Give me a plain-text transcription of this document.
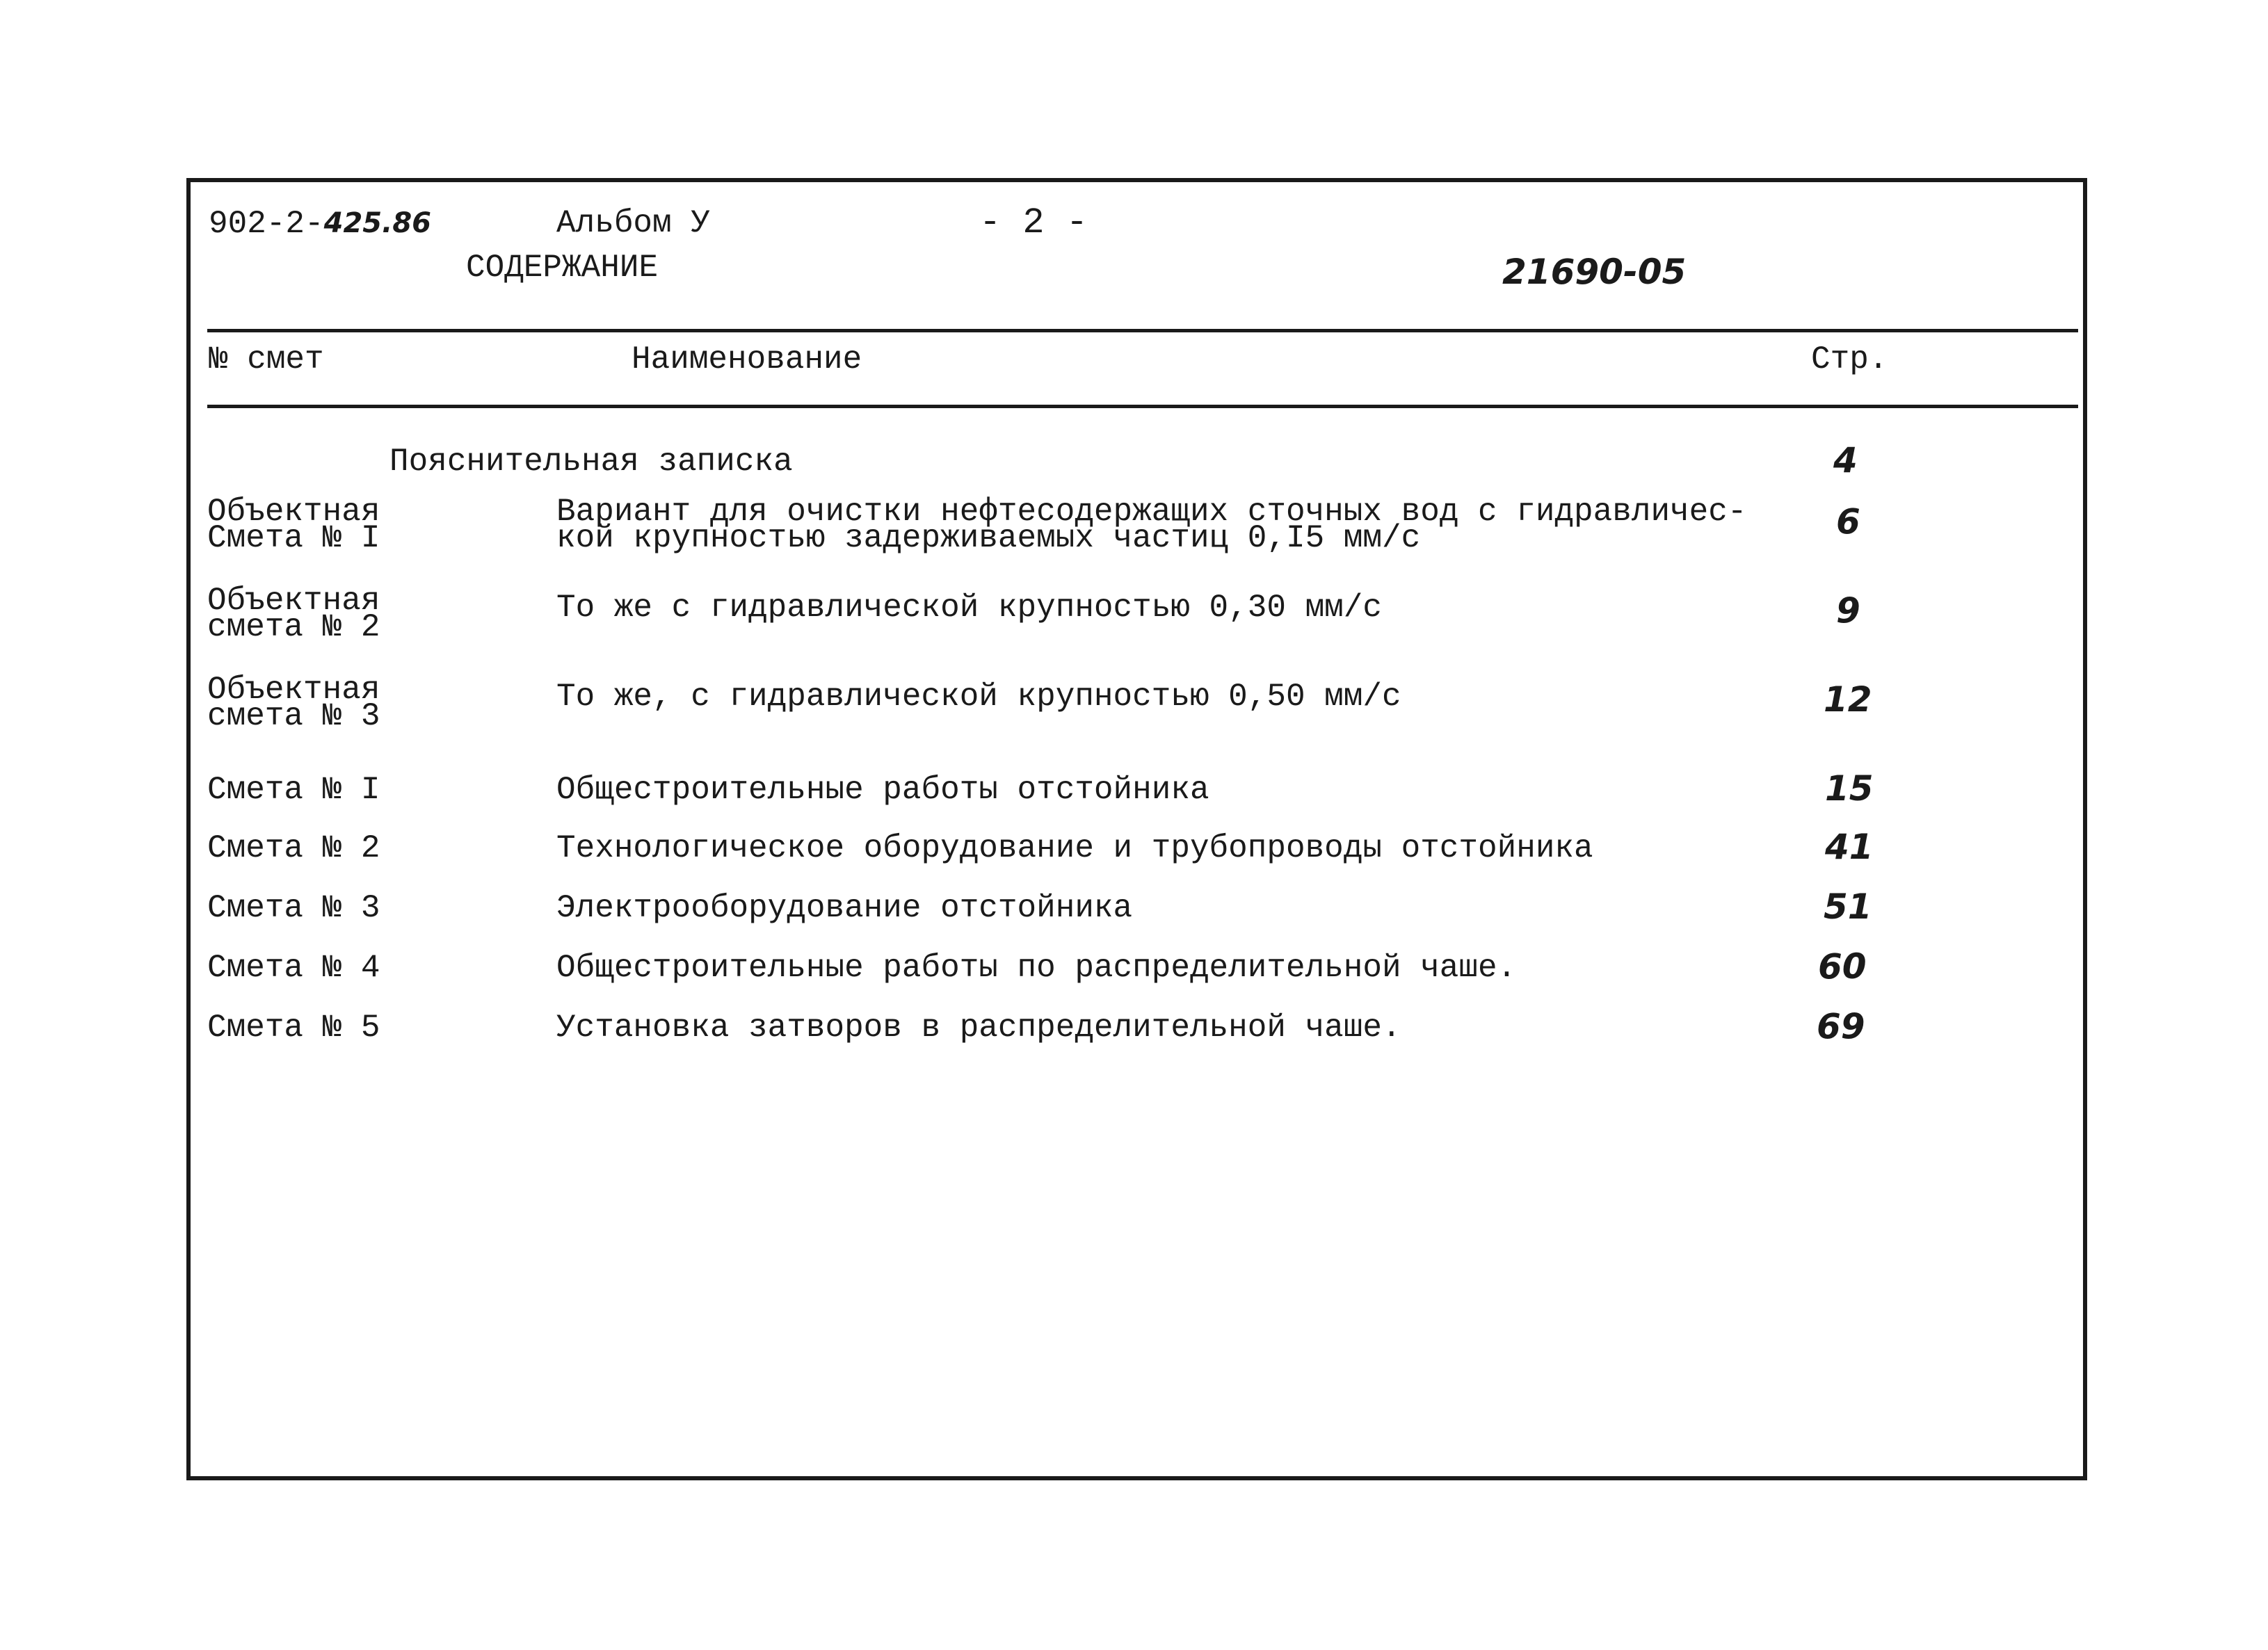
902-2-425.86	Альбом У	- 2 -
СОДЕРЖАНИЕ	21690-05
№ смет	Наименование	Стр.
Пояснительная записка	4
Объектная
Смета № I
Вариант для очистки нефтесодержащих сточных вод с гидравличес-
кой крупностью задерживаемых частиц 0,I5 мм/с	6
Объектная
смета № 2
То же с гидравлической крупностью 0,30 мм/с	9
Объектная
смета № 3
То же, с гидравлической крупностью 0,50 мм/с	12
Смета № I	Общестроительные работы отстойника	15
Смета № 2	Технологическое оборудование и трубопроводы отстойника	41
Смета № 3	Электрооборудование отстойника	51
Смета № 4	Общестроительные работы по распределительной чаше.	60
Смета № 5	Установка затворов в распределительной чаше.	69
